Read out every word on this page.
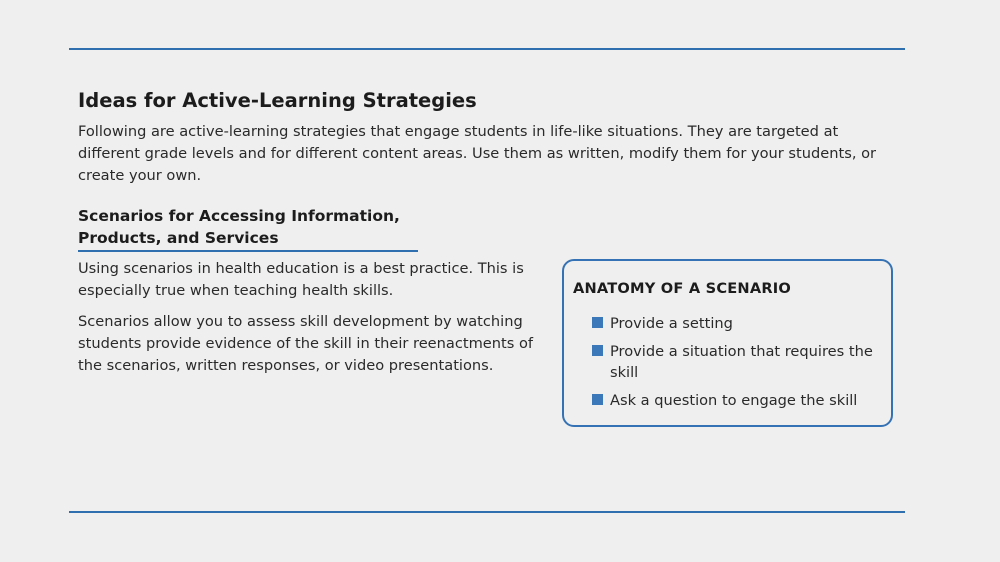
Ideas for Active-Learning Strategies

Following are active-learning strategies that engage students in life-like situations. They are targeted at different grade levels and for different content areas. Use them as written, modify them for your students, or create your own.

Scenarios for Accessing Information, Products, and Services

Using scenarios in health education is a best practice. This is especially true when teaching health skills.

Scenarios allow you to assess skill development by watching students provide evidence of the skill in their reenactments of the scenarios, written responses, or video presentations.

ANATOMY OF A SCENARIO
Provide a setting
Provide a situation that requires the skill
Ask a question to engage the skill
